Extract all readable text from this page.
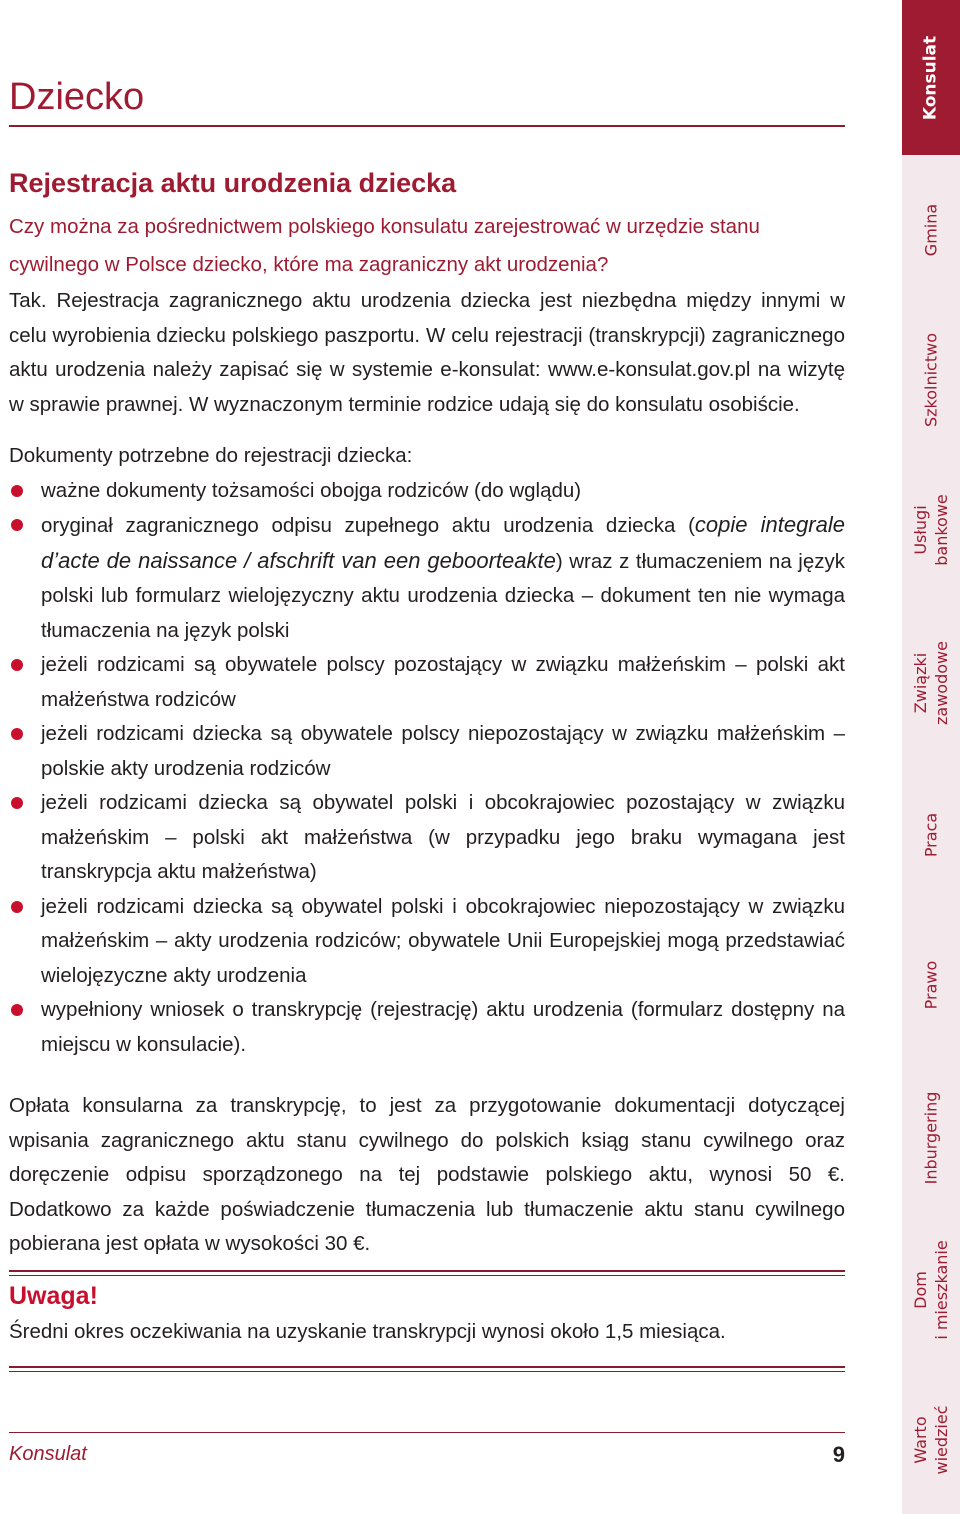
Dziecko
Rejestracja aktu urodzenia dziecka

Czy można za pośrednictwem polskiego konsulatu zarejestrować w urzędzie stanu cywilnego w Polsce dziecko, które ma zagraniczny akt urodzenia?

Tak. Rejestracja zagranicznego aktu urodzenia dziecka jest niezbędna między innymi w celu wyrobienia dziecku polskiego paszportu. W celu rejestracji (transkrypcji) zagranicznego aktu urodzenia należy zapisać się w systemie e-konsulat: www.e-konsulat.gov.pl na wizytę w sprawie prawnej. W wyznaczonym terminie rodzice udają się do konsulatu osobiście.

Dokumenty potrzebne do rejestracji dziecka:

ważne dokumenty tożsamości obojga rodziców (do wglądu)
oryginał zagranicznego odpisu zupełnego aktu urodzenia dziecka (copie integrale d’acte de naissance / afschrift van een geboorteakte) wraz z tłumaczeniem na język polski lub formularz wielojęzyczny aktu urodzenia dziecka – dokument ten nie wymaga tłumaczenia na język polski
jeżeli rodzicami są obywatele polscy pozostający w związku małżeńskim – polski akt małżeństwa rodziców
jeżeli rodzicami dziecka są obywatele polscy niepozostający w związku małżeńskim – polskie akty urodzenia rodziców
jeżeli rodzicami dziecka są obywatel polski i obcokrajowiec pozostający w związku małżeńskim – polski akt małżeństwa (w przypadku jego braku wymagana jest transkrypcja aktu małżeństwa)
jeżeli rodzicami dziecka są obywatel polski i obcokrajowiec niepozostający w związku małżeńskim – akty urodzenia rodziców; obywatele Unii Europejskiej mogą przedstawiać wielojęzyczne akty urodzenia
wypełniony wniosek o transkrypcję (rejestrację) aktu urodzenia (formularz dostępny na miejscu w konsulacie).

Opłata konsularna za transkrypcję, to jest za przygotowanie dokumentacji dotyczącej wpisania zagranicznego aktu stanu cywilnego do polskich ksiąg stanu cywilnego oraz doręczenie odpisu sporządzonego na tej podstawie polskiego aktu, wynosi 50 €. Dodatkowo za każde poświadczenie tłumaczenia lub tłumaczenie aktu stanu cywilnego pobierana jest opłata w wysokości 30 €.

Uwaga!

Średni okres oczekiwania na uzyskanie transkrypcji wynosi około 1,5 miesiąca.

Konsulat	9
Konsulat
Gmina
Szkolnictwo
Usługi
bankowe
Związki
zawodowe
Praca
Prawo
Inburgering
Dom
i mieszkanie
Warto
wiedzieć
